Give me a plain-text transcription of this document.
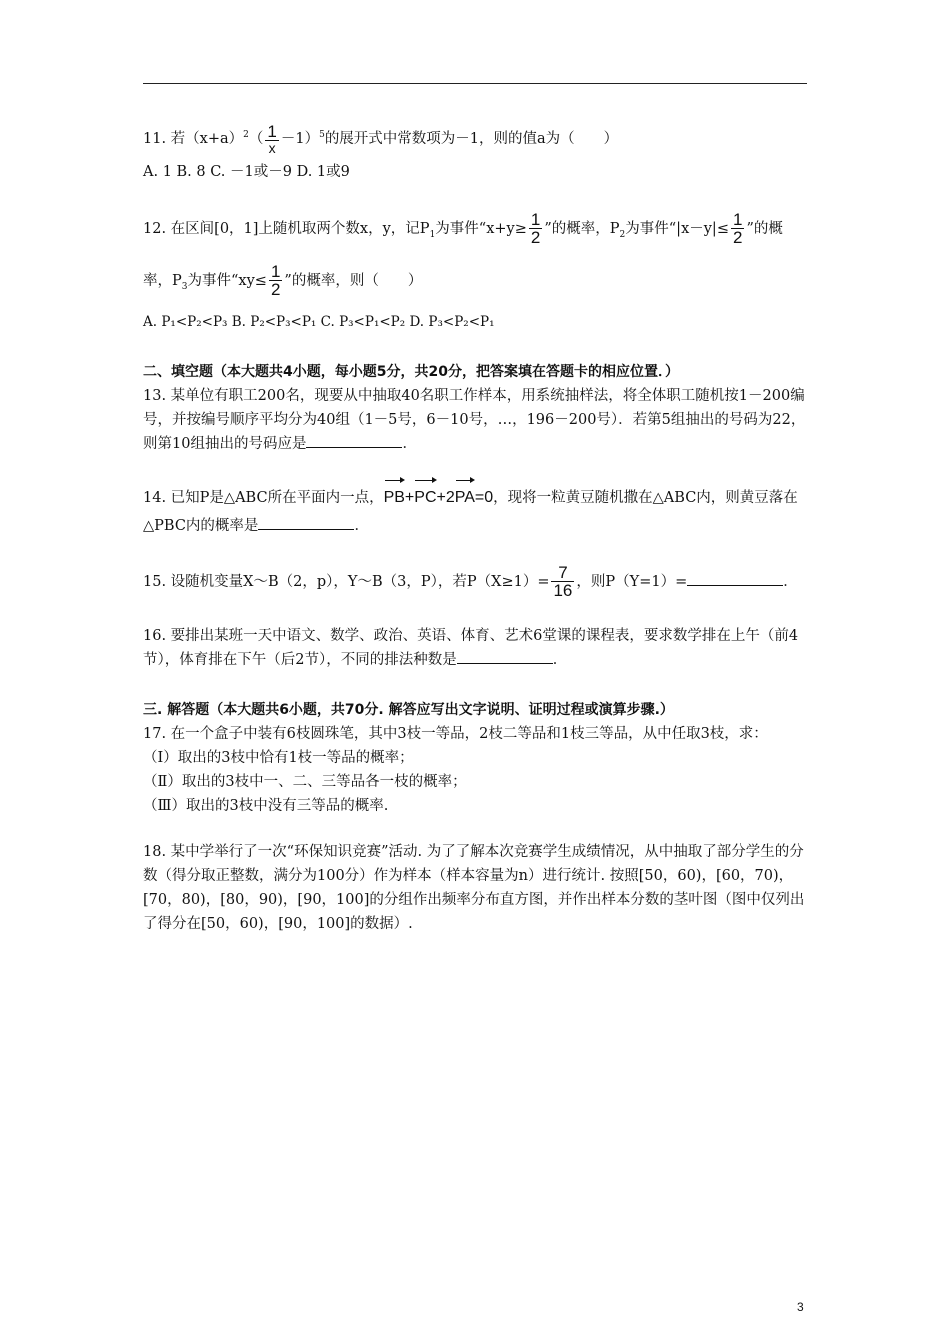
11. 若$(x+a)^2( \frac{1}{x} -1)^5$的展开式中常数项为－1，则的值a为（　　）

A. 1 B. 8 C. －1或－9 D. 1或9

12. 在区间[0，1]上随机取两个数x，y，记$P_1$为事件“$x+y\ge \frac{1}{2}$ ”的概率，$P_2$为事件“$|x-y|\le \frac{1}{2}$ ”的概率，$P_3$为事件“$xy\le \frac{1}{2}$ ”的概率，则（　　）

A. P₁<P₂<P₃ B. P₂<P₃<P₁ C. P₃<P₁<P₂ D. P₃<P₂<P₁

二、填空题（本大题共4小题，每小题5分，共20分，把答案填在答题卡的相应位置．）

13. 某单位有职工200名，现要从中抽取40名职工作样本，用系统抽样法，将全体职工随机按1－200编号，并按编号顺序平均分为40组（1－5号，6－10号，…，196－200号）．若第5组抽出的号码为22，则第10组抽出的号码应是	．

14. 已知P是△ABC所在平面内一点，PB+PC+2PA=0，现将一粒黄豆随机撒在△ABC内，则黄豆落在△PBC内的概率是	．

15. 设随机变量X～B（2，p），Y～B（3，P），若$P(X\ge 1)= \frac{7}{16}$ ，则P（Y=1）=	．

16. 要排出某班一天中语文、数学、政治、英语、体育、艺术6堂课的课程表，要求数学排在上午（前4节），体育排在下午（后2节），不同的排法种数是	．

三. 解答题（本大题共6小题，共70分. 解答应写出文字说明、证明过程或演算步骤.）

17. 在一个盒子中装有6枝圆珠笔，其中3枝一等品，2枝二等品和1枝三等品，从中任取3枝，求：

（Ⅰ）取出的3枝中恰有1枝一等品的概率；

（Ⅱ）取出的3枝中一、二、三等品各一枝的概率；

（Ⅲ）取出的3枝中没有三等品的概率.

18. 某中学举行了一次“环保知识竞赛”活动. 为了了解本次竞赛学生成绩情况，从中抽取了部分学生的分数（得分取正整数，满分为100分）作为样本（样本容量为n）进行统计. 按照[50，60)，[60，70)，[70，80)，[80，90)，[90，100]的分组作出频率分布直方图，并作出样本分数的茎叶图（图中仅列出了得分在[50，60)，[90，100]的数据）.

3
